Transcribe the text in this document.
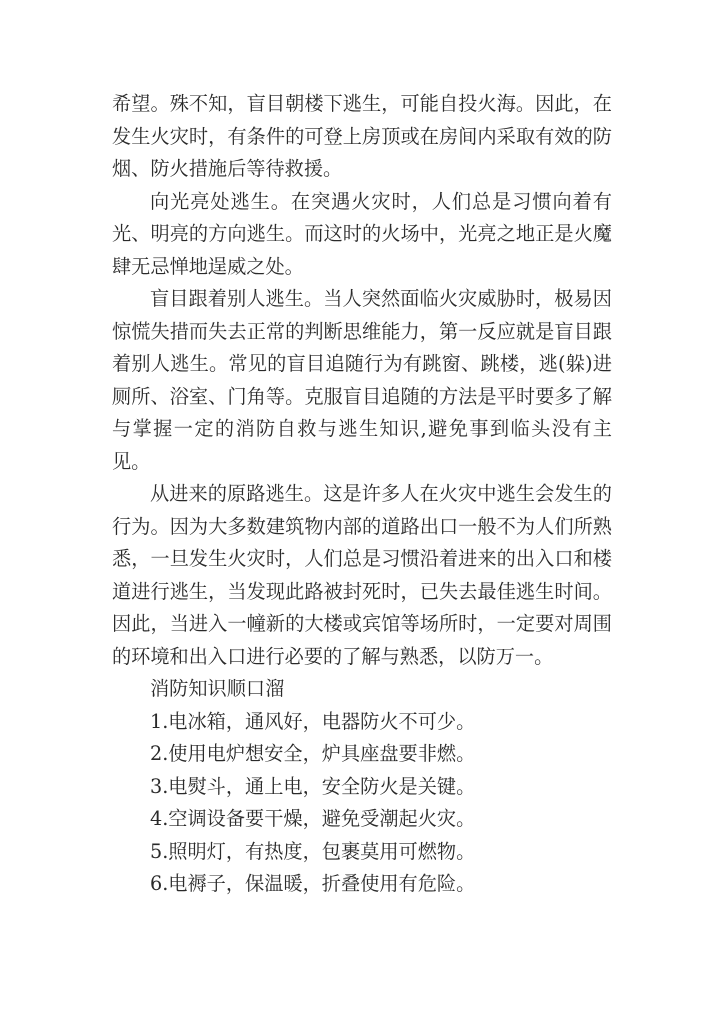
希望。殊不知，盲目朝楼下逃生，可能自投火海。因此，在发生火灾时，有条件的可登上房顶或在房间内采取有效的防烟、防火措施后等待救援。

向光亮处逃生。在突遇火灾时，人们总是习惯向着有光、明亮的方向逃生。而这时的火场中，光亮之地正是火魔肆无忌惮地逞威之处。

盲目跟着别人逃生。当人突然面临火灾威胁时，极易因惊慌失措而失去正常的判断思维能力，第一反应就是盲目跟着别人逃生。常见的盲目追随行为有跳窗、跳楼，逃(躲)进厕所、浴室、门角等。克服盲目追随的方法是平时要多了解与掌握一定的消防自救与逃生知识,避免事到临头没有主见。

从进来的原路逃生。这是许多人在火灾中逃生会发生的行为。因为大多数建筑物内部的道路出口一般不为人们所熟悉，一旦发生火灾时，人们总是习惯沿着进来的出入口和楼道进行逃生，当发现此路被封死时，已失去最佳逃生时间。因此，当进入一幢新的大楼或宾馆等场所时，一定要对周围的环境和出入口进行必要的了解与熟悉，以防万一。

消防知识顺口溜

1.电冰箱，通风好，电器防火不可少。

2.使用电炉想安全，炉具座盘要非燃。

3.电熨斗，通上电，安全防火是关键。

4.空调设备要干燥，避免受潮起火灾。

5.照明灯，有热度，包裹莫用可燃物。

6.电褥子，保温暖，折叠使用有危险。
